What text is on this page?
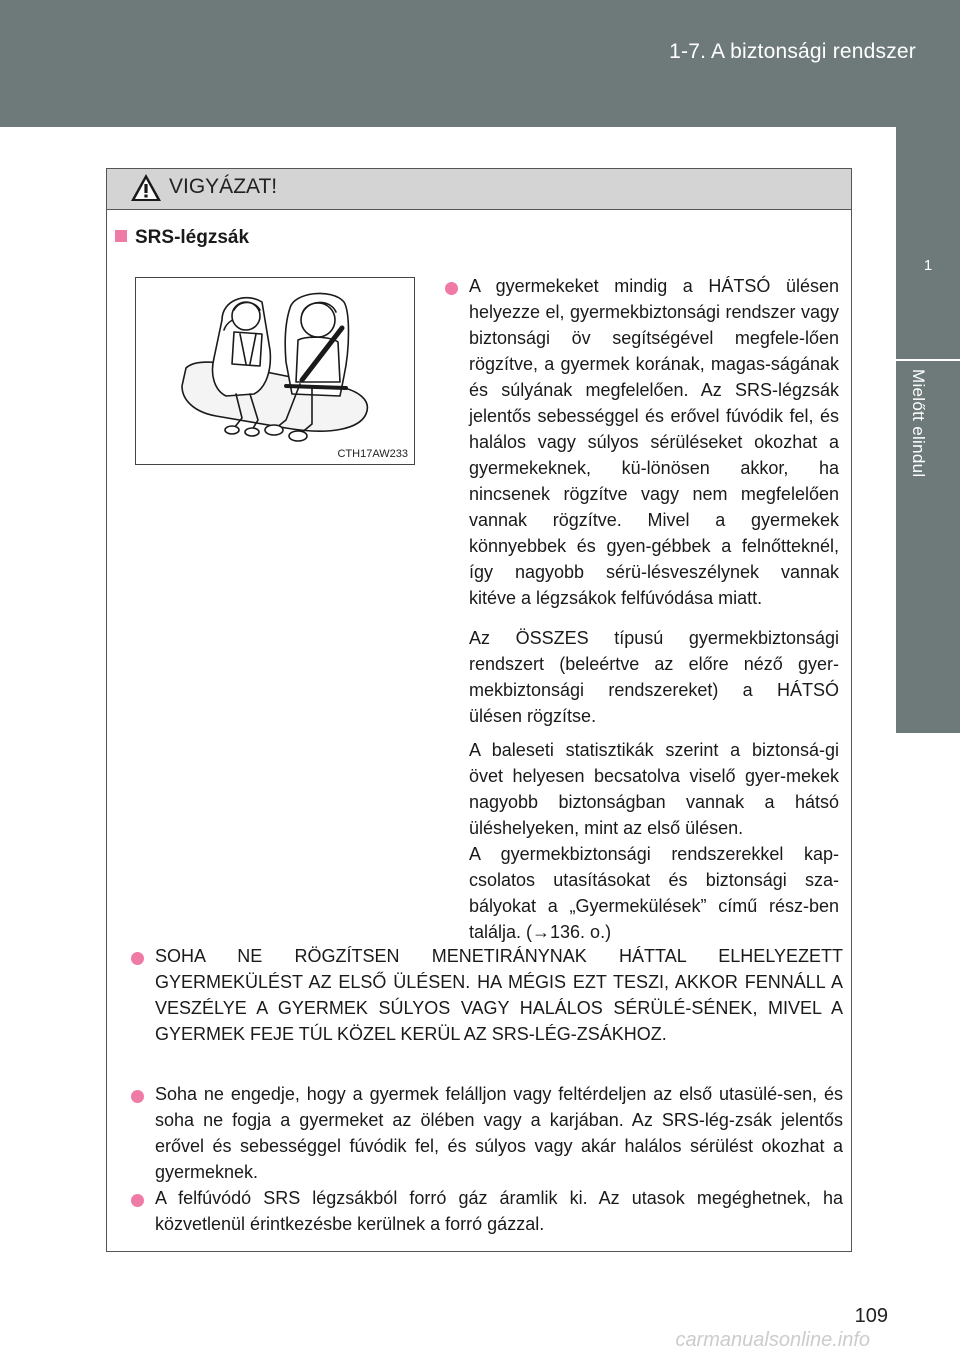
1-7. A biztonsági rendszer
1
Mielőtt elindul
VIGYÁZAT!
SRS-légzsák
CTH17AW233
A gyermekeket mindig a HÁTSÓ ülésen helyezze el, gyermekbiztonsági rendszer vagy biztonsági öv segítségével megfele-lően rögzítve, a gyermek korának, magas-ságának és súlyának megfelelően. Az SRS-légzsák jelentős sebességgel és erővel fúvódik fel, és halálos vagy súlyos sérüléseket okozhat a gyermekeknek, kü-lönösen akkor, ha nincsenek rögzítve vagy nem megfelelően vannak rögzítve. Mivel a gyermekek könnyebbek és gyen-gébbek a felnőtteknél, így nagyobb sérü-lésveszélynek vannak kitéve a légzsákok felfúvódása miatt.
Az ÖSSZES típusú gyermekbiztonsági rendszert (beleértve az előre néző gyer-mekbiztonsági rendszereket) a HÁTSÓ ülésen rögzítse.
A baleseti statisztikák szerint a biztonsá-gi övet helyesen becsatolva viselő gyer-mekek nagyobb biztonságban vannak a hátsó üléshelyeken, mint az első ülésen.
A gyermekbiztonsági rendszerekkel kap-csolatos utasításokat és biztonsági sza-bályokat a „Gyermekülések” című rész-ben találja. (→136. o.)
SOHA NE RÖGZÍTSEN MENETIRÁNYNAK HÁTTAL ELHELYEZETT GYERMEKÜLÉST AZ ELSŐ ÜLÉSEN. HA MÉGIS EZT TESZI, AKKOR FENNÁLL A VESZÉLYE A GYERMEK SÚLYOS VAGY HALÁLOS SÉRÜLÉ-SÉNEK, MIVEL A GYERMEK FEJE TÚL KÖZEL KERÜL AZ SRS-LÉG-ZSÁKHOZ.
Soha ne engedje, hogy a gyermek felálljon vagy feltérdeljen az első utasülé-sen, és soha ne fogja a gyermeket az ölében vagy a karjában. Az SRS-lég-zsák jelentős erővel és sebességgel fúvódik fel, és súlyos vagy akár halálos sérülést okozhat a gyermeknek.
A felfúvódó SRS légzsákból forró gáz áramlik ki. Az utasok megéghetnek, ha közvetlenül érintkezésbe kerülnek a forró gázzal.
109
carmanualsonline.info
